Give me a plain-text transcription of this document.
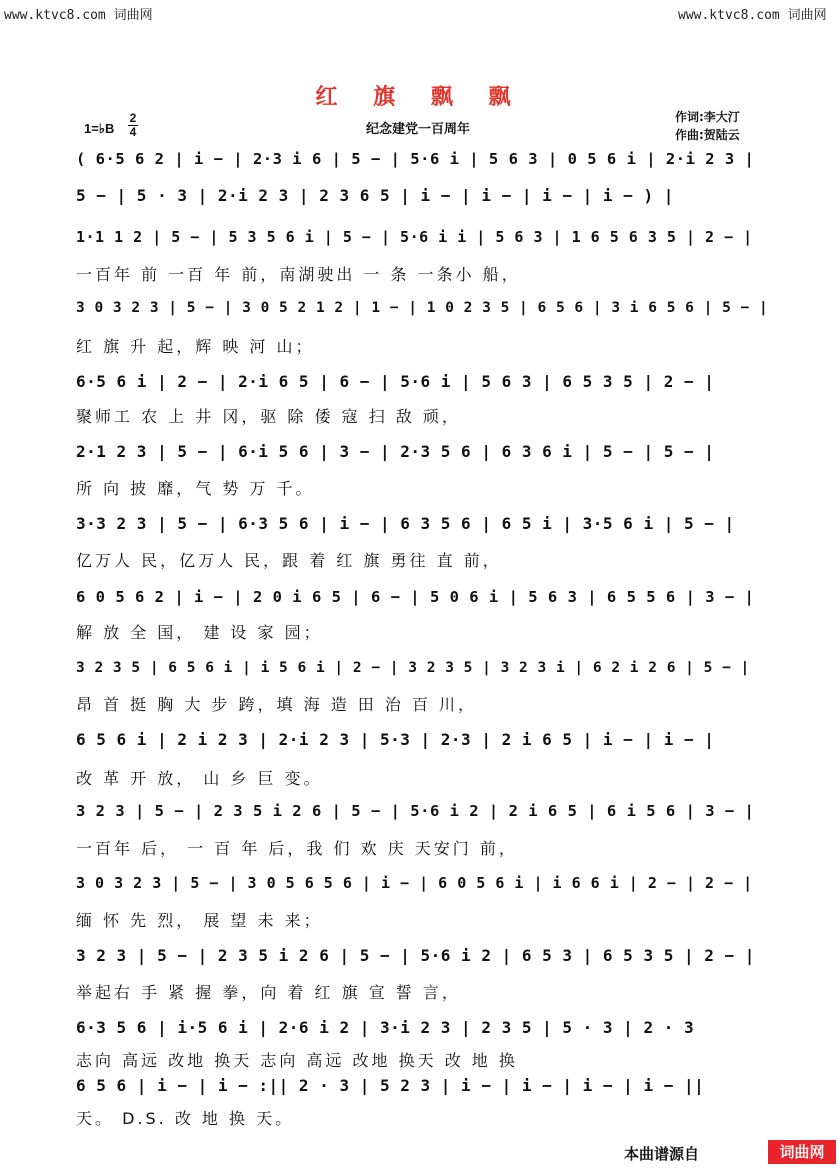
www.ktvc8.com 词曲网	www.ktvc8.com 词曲网
红 旗 飘 飘
1=♭B
2
4	纪念建党一百周年
作词:李大汀
作曲:贺陆云
( 6·5 6 2 | i − | 2·3 i 6 | 5 − | 5·6 i | 5 6 3 | 0 5 6 i | 2·i 2 3 |
5 − | 5 · 3 | 2·i 2 3 | 2 3 6 5 | i − | i − | i − | i − ) |
1·1 1 2 | 5 − | 5 3 5 6 i | 5 − | 5·6 i i | 5 6 3 | 1 6 5 6 3 5 | 2 − |
一百年 前 一百 年 前，南湖驶出 一 条 一条小 船，
3 0 3 2 3 | 5 − | 3 0 5 2 1 2 | 1 − | 1 0 2 3 5 | 6 5 6 | 3 i 6 5 6 | 5 − |
红 旗 升 起，辉 映 河 山；
6·5 6 i | 2 − | 2·i 6 5 | 6 − | 5·6 i | 5 6 3 | 6 5 3 5 | 2 − |
聚师工 农 上 井 冈，驱 除 倭 寇 扫 敌 顽，
2·1 2 3 | 5 − | 6·i 5 6 | 3 − | 2·3 5 6 | 6 3 6 i | 5 − | 5 − |
所 向 披 靡，气 势 万 千。
3·3 2 3 | 5 − | 6·3 5 6 | i − | 6 3 5 6 | 6 5 i | 3·5 6 i | 5 − |
亿万人 民，亿万人 民，跟 着 红 旗 勇往 直 前，
6 0 5 6 2 | i − | 2 0 i 6 5 | 6 − | 5 0 6 i | 5 6 3 | 6 5 5 6 | 3 − |
解 放 全 国， 建 设 家 园；
3 2 3 5 | 6 5 6 i | i 5 6 i | 2 − | 3 2 3 5 | 3 2 3 i | 6 2 i 2 6 | 5 − |
昂 首 挺 胸 大 步 跨，填 海 造 田 治 百 川，
6 5 6 i | 2 i 2 3 | 2·i 2 3 | 5·3 | 2·3 | 2 i 6 5 | i − | i − |
改 革 开 放， 山 乡 巨 变。
3 2 3 | 5 − | 2 3 5 i 2 6 | 5 − | 5·6 i 2 | 2 i 6 5 | 6 i 5 6 | 3 − |
一百年 后， 一 百 年 后，我 们 欢 庆 天安门 前，
3 0 3 2 3 | 5 − | 3 0 5 6 5 6 | i − | 6 0 5 6 i | i 6 6 i | 2 − | 2 − |
缅 怀 先 烈， 展 望 未 来；
3 2 3 | 5 − | 2 3 5 i 2 6 | 5 − | 5·6 i 2 | 6 5 3 | 6 5 3 5 | 2 − |
举起右 手 紧 握 拳，向 着 红 旗 宣 誓 言，
6·3 5 6 | i·5 6 i | 2·6 i 2 | 3·i 2 3 | 2 3 5 | 5 · 3 | 2 · 3
志向 高远 改地 换天 志向 高远 改地 换天 改 地 换
6 5 6 | i − | i − :|| 2 · 3 | 5 2 3 | i − | i − | i − | i − ||
天。 D.S. 改 地 换 天。
本曲谱源自	词曲网
